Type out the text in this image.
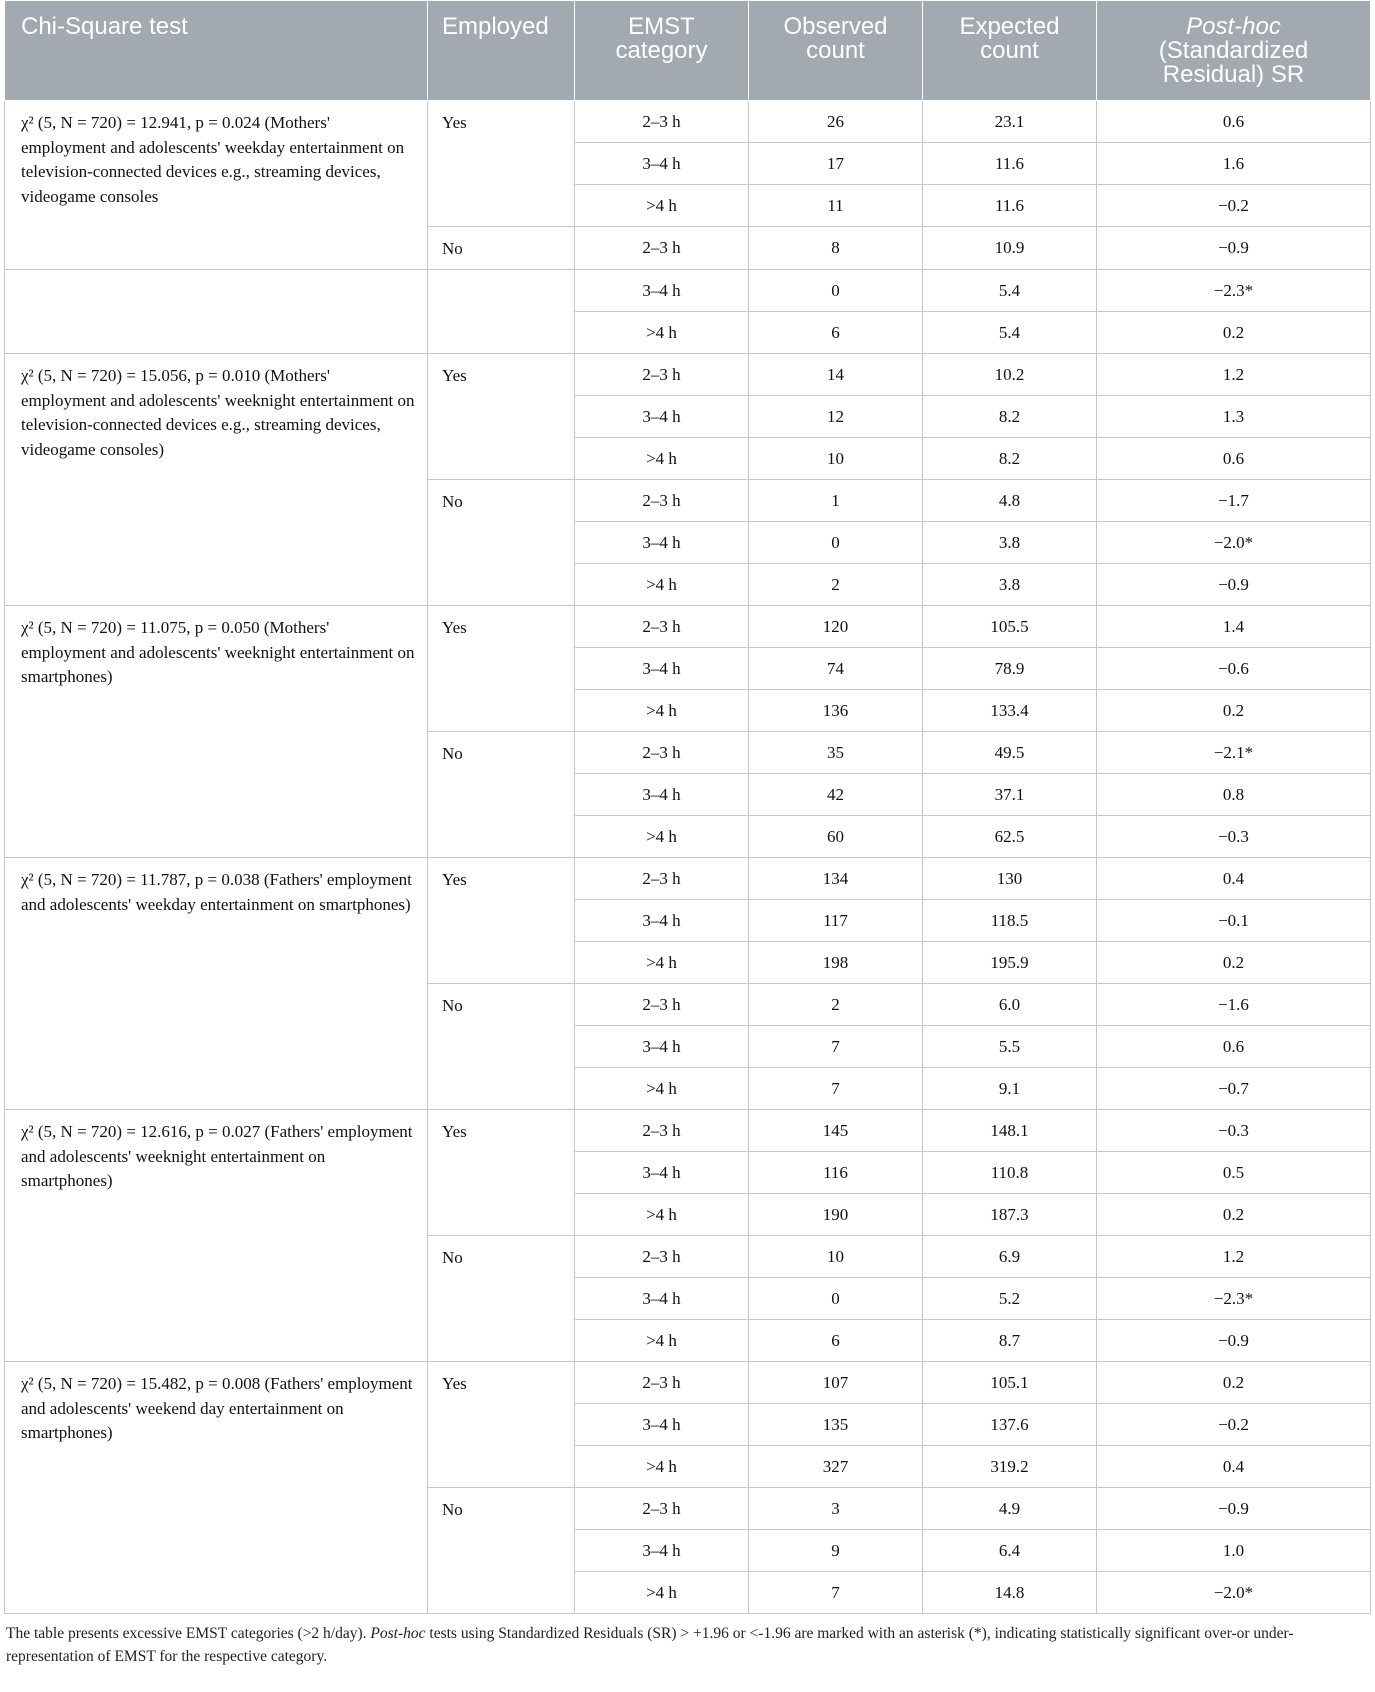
Chi-Square test	Employed	EMST category	Observed count	Expected count	Post-hoc
(Standardized Residual) SR
χ² (5, N = 720) = 12.941, p = 0.024 (Mothers' employment and adolescents' weekday entertainment on television-connected devices e.g., streaming devices, videogame consoles	Yes	2–3 h	26	23.1	0.6
		3–4 h	17	11.6	1.6
		>4 h	11	11.6	−0.2
	No	2–3 h	8	10.9	−0.9
		3–4 h	0	5.4	−2.3*
		>4 h	6	5.4	0.2
χ² (5, N = 720) = 15.056, p = 0.010 (Mothers' employment and adolescents' weeknight entertainment on television-connected devices e.g., streaming devices, videogame consoles)	Yes	2–3 h	14	10.2	1.2
		3–4 h	12	8.2	1.3
		>4 h	10	8.2	0.6
	No	2–3 h	1	4.8	−1.7
		3–4 h	0	3.8	−2.0*
		>4 h	2	3.8	−0.9
χ² (5, N = 720) = 11.075, p = 0.050 (Mothers' employment and adolescents' weeknight entertainment on smartphones)	Yes	2–3 h	120	105.5	1.4
		3–4 h	74	78.9	−0.6
		>4 h	136	133.4	0.2
	No	2–3 h	35	49.5	−2.1*
		3–4 h	42	37.1	0.8
		>4 h	60	62.5	−0.3
χ² (5, N = 720) = 11.787, p = 0.038 (Fathers' employment and adolescents' weekday entertainment on smartphones)	Yes	2–3 h	134	130	0.4
		3–4 h	117	118.5	−0.1
		>4 h	198	195.9	0.2
	No	2–3 h	2	6.0	−1.6
		3–4 h	7	5.5	0.6
		>4 h	7	9.1	−0.7
χ² (5, N = 720) = 12.616, p = 0.027 (Fathers' employment and adolescents' weeknight entertainment on smartphones)	Yes	2–3 h	145	148.1	−0.3
		3–4 h	116	110.8	0.5
		>4 h	190	187.3	0.2
	No	2–3 h	10	6.9	1.2
		3–4 h	0	5.2	−2.3*
		>4 h	6	8.7	−0.9
χ² (5, N = 720) = 15.482, p = 0.008 (Fathers' employment and adolescents' weekend day entertainment on smartphones)	Yes	2–3 h	107	105.1	0.2
		3–4 h	135	137.6	−0.2
		>4 h	327	319.2	0.4
	No	2–3 h	3	4.9	−0.9
		3–4 h	9	6.4	1.0
		>4 h	7	14.8	−2.0*
The table presents excessive EMST categories (>2 h/day). Post-hoc tests using Standardized Residuals (SR) > +1.96 or <-1.96 are marked with an asterisk (*), indicating statistically significant over-or under-representation of EMST for the respective category.
